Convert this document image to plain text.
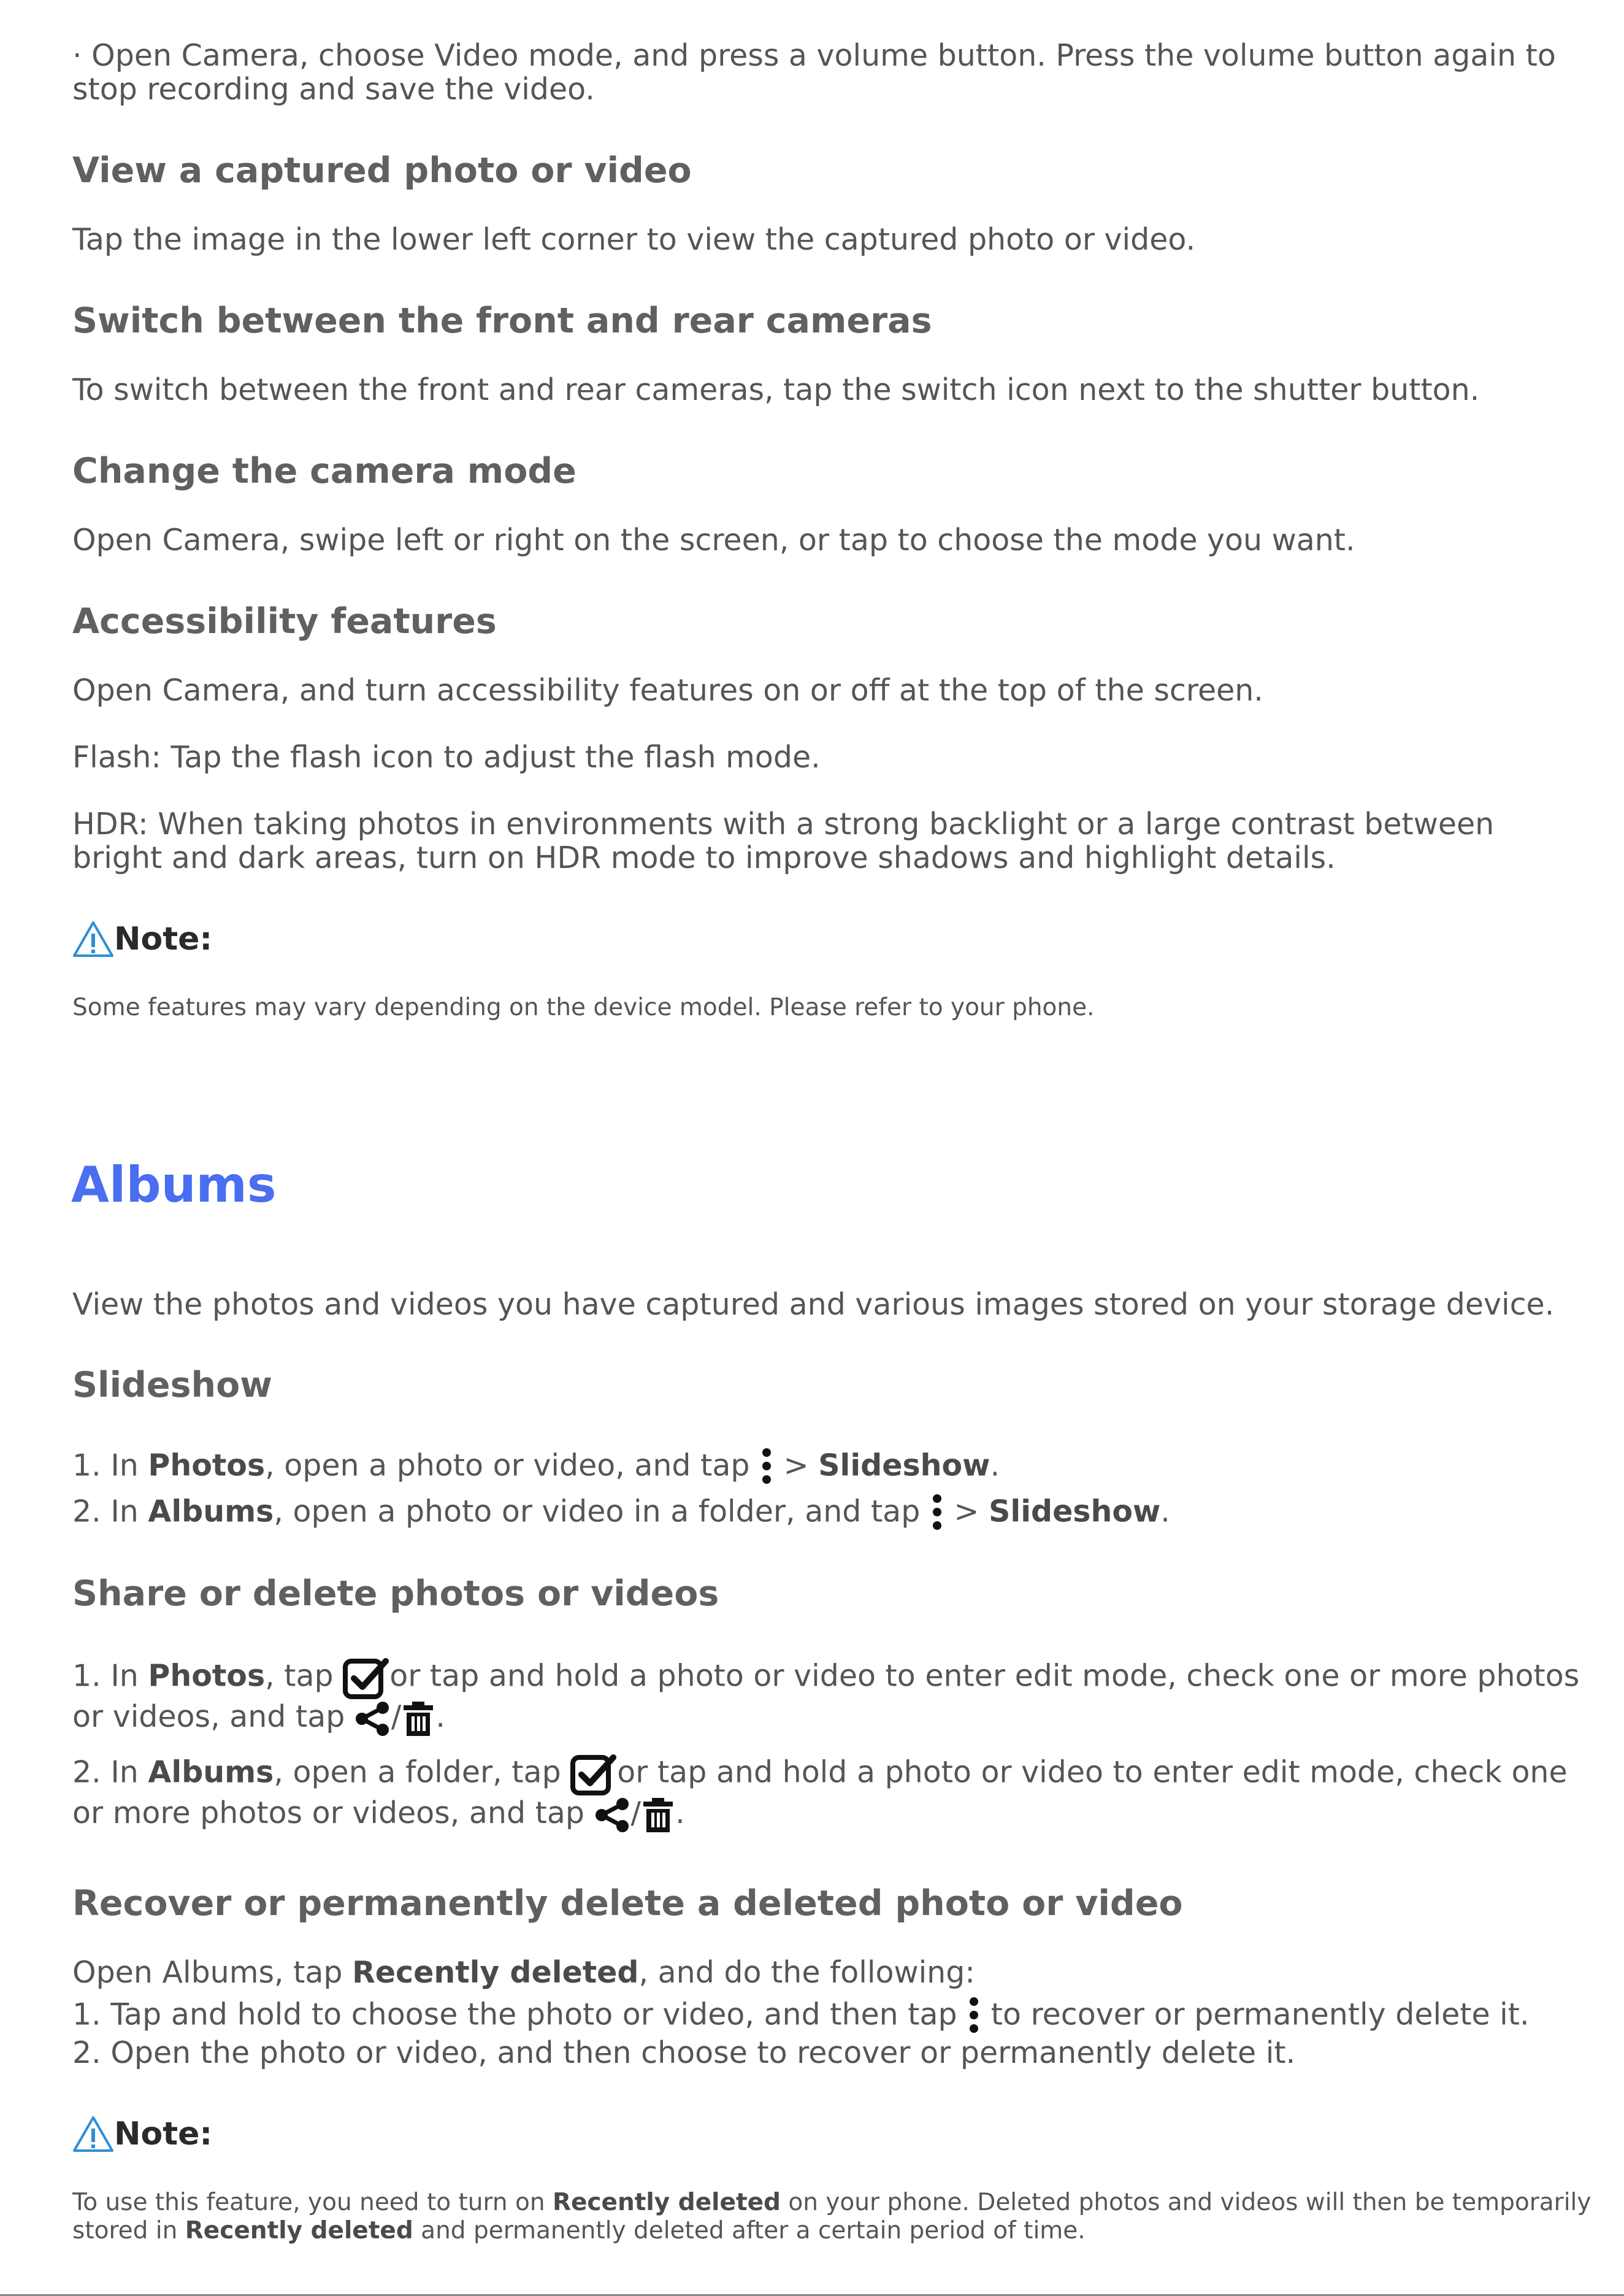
· Open Camera, choose Video mode, and press a volume button. Press the volume button again to
stop recording and save the video.
View a captured photo or video
Tap the image in the lower left corner to view the captured photo or video.
Switch between the front and rear cameras
To switch between the front and rear cameras, tap the switch icon next to the shutter button.
Change the camera mode
Open Camera, swipe left or right on the screen, or tap to choose the mode you want.
Accessibility features
Open Camera, and turn accessibility features on or off at the top of the screen.
Flash: Tap the flash icon to adjust the flash mode.
HDR: When taking photos in environments with a strong backlight or a large contrast between
bright and dark areas, turn on HDR mode to improve shadows and highlight details.
Note:
Some features may vary depending on the device model. Please refer to your phone.
Albums
View the photos and videos you have captured and various images stored on your storage device.
Slideshow
1. In Photos, open a photo or video, and tap
> Slideshow.
2. In Albums, open a photo or video in a folder, and tap
> Slideshow.
Share or delete photos or videos
1. In Photos, tap
or tap and hold a photo or video to enter edit mode, check one or more photos
or videos, and tap
/ .
2. In Albums, open a folder, tap
or tap and hold a photo or video to enter edit mode, check one
or more photos or videos, and tap
/ .
Recover or permanently delete a deleted photo or video
Open Albums, tap Recently deleted, and do the following:
1. Tap and hold to choose the photo or video, and then tap
to recover or permanently delete it.
2. Open the photo or video, and then choose to recover or permanently delete it.
Note:
To use this feature, you need to turn on Recently deleted on your phone. Deleted photos and videos will then be temporarily
stored in Recently deleted and permanently deleted after a certain period of time.
